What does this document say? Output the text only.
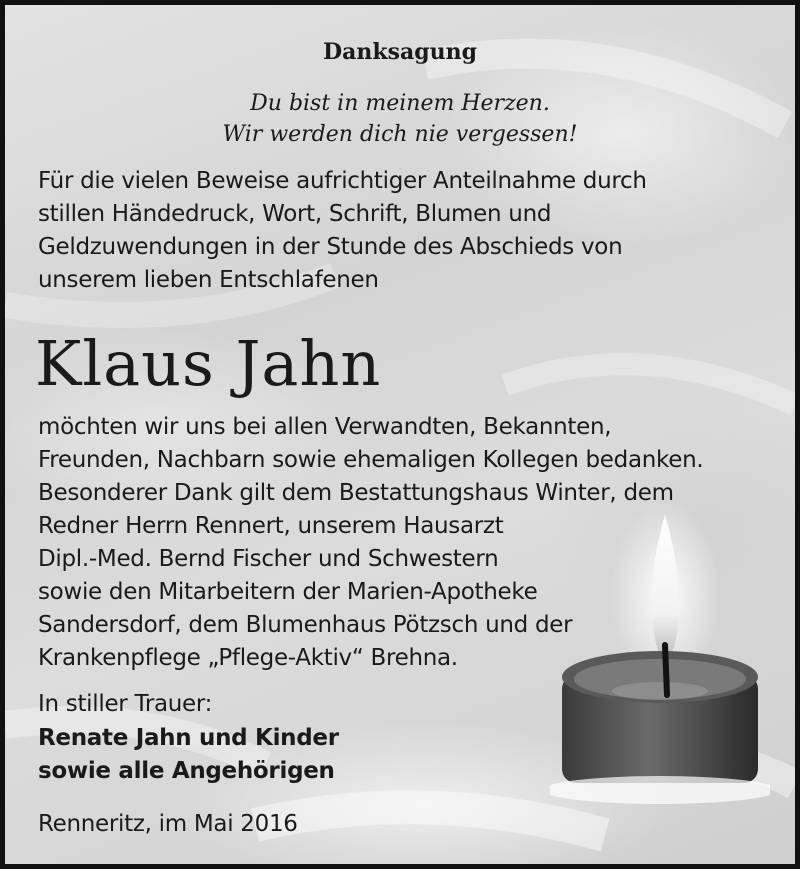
Danksagung
Du bist in meinem Herzen.
Wir werden dich nie vergessen!
Für die vielen Beweise aufrichtiger Anteilnahme durch
stillen Händedruck, Wort, Schrift, Blumen und
Geldzuwendungen in der Stunde des Abschieds von
unserem lieben Entschlafenen
Klaus Jahn
möchten wir uns bei allen Verwandten, Bekannten,
Freunden, Nachbarn sowie ehemaligen Kollegen bedanken.
Besonderer Dank gilt dem Bestattungshaus Winter, dem
Redner Herrn Rennert, unserem Hausarzt
Dipl.-Med. Bernd Fischer und Schwestern
sowie den Mitarbeitern der Marien-Apotheke
Sandersdorf, dem Blumenhaus Pötzsch und der
Krankenpflege „Pflege-Aktiv“ Brehna.
In stiller Trauer:
Renate Jahn und Kinder
sowie alle Angehörigen
Renneritz, im Mai 2016
